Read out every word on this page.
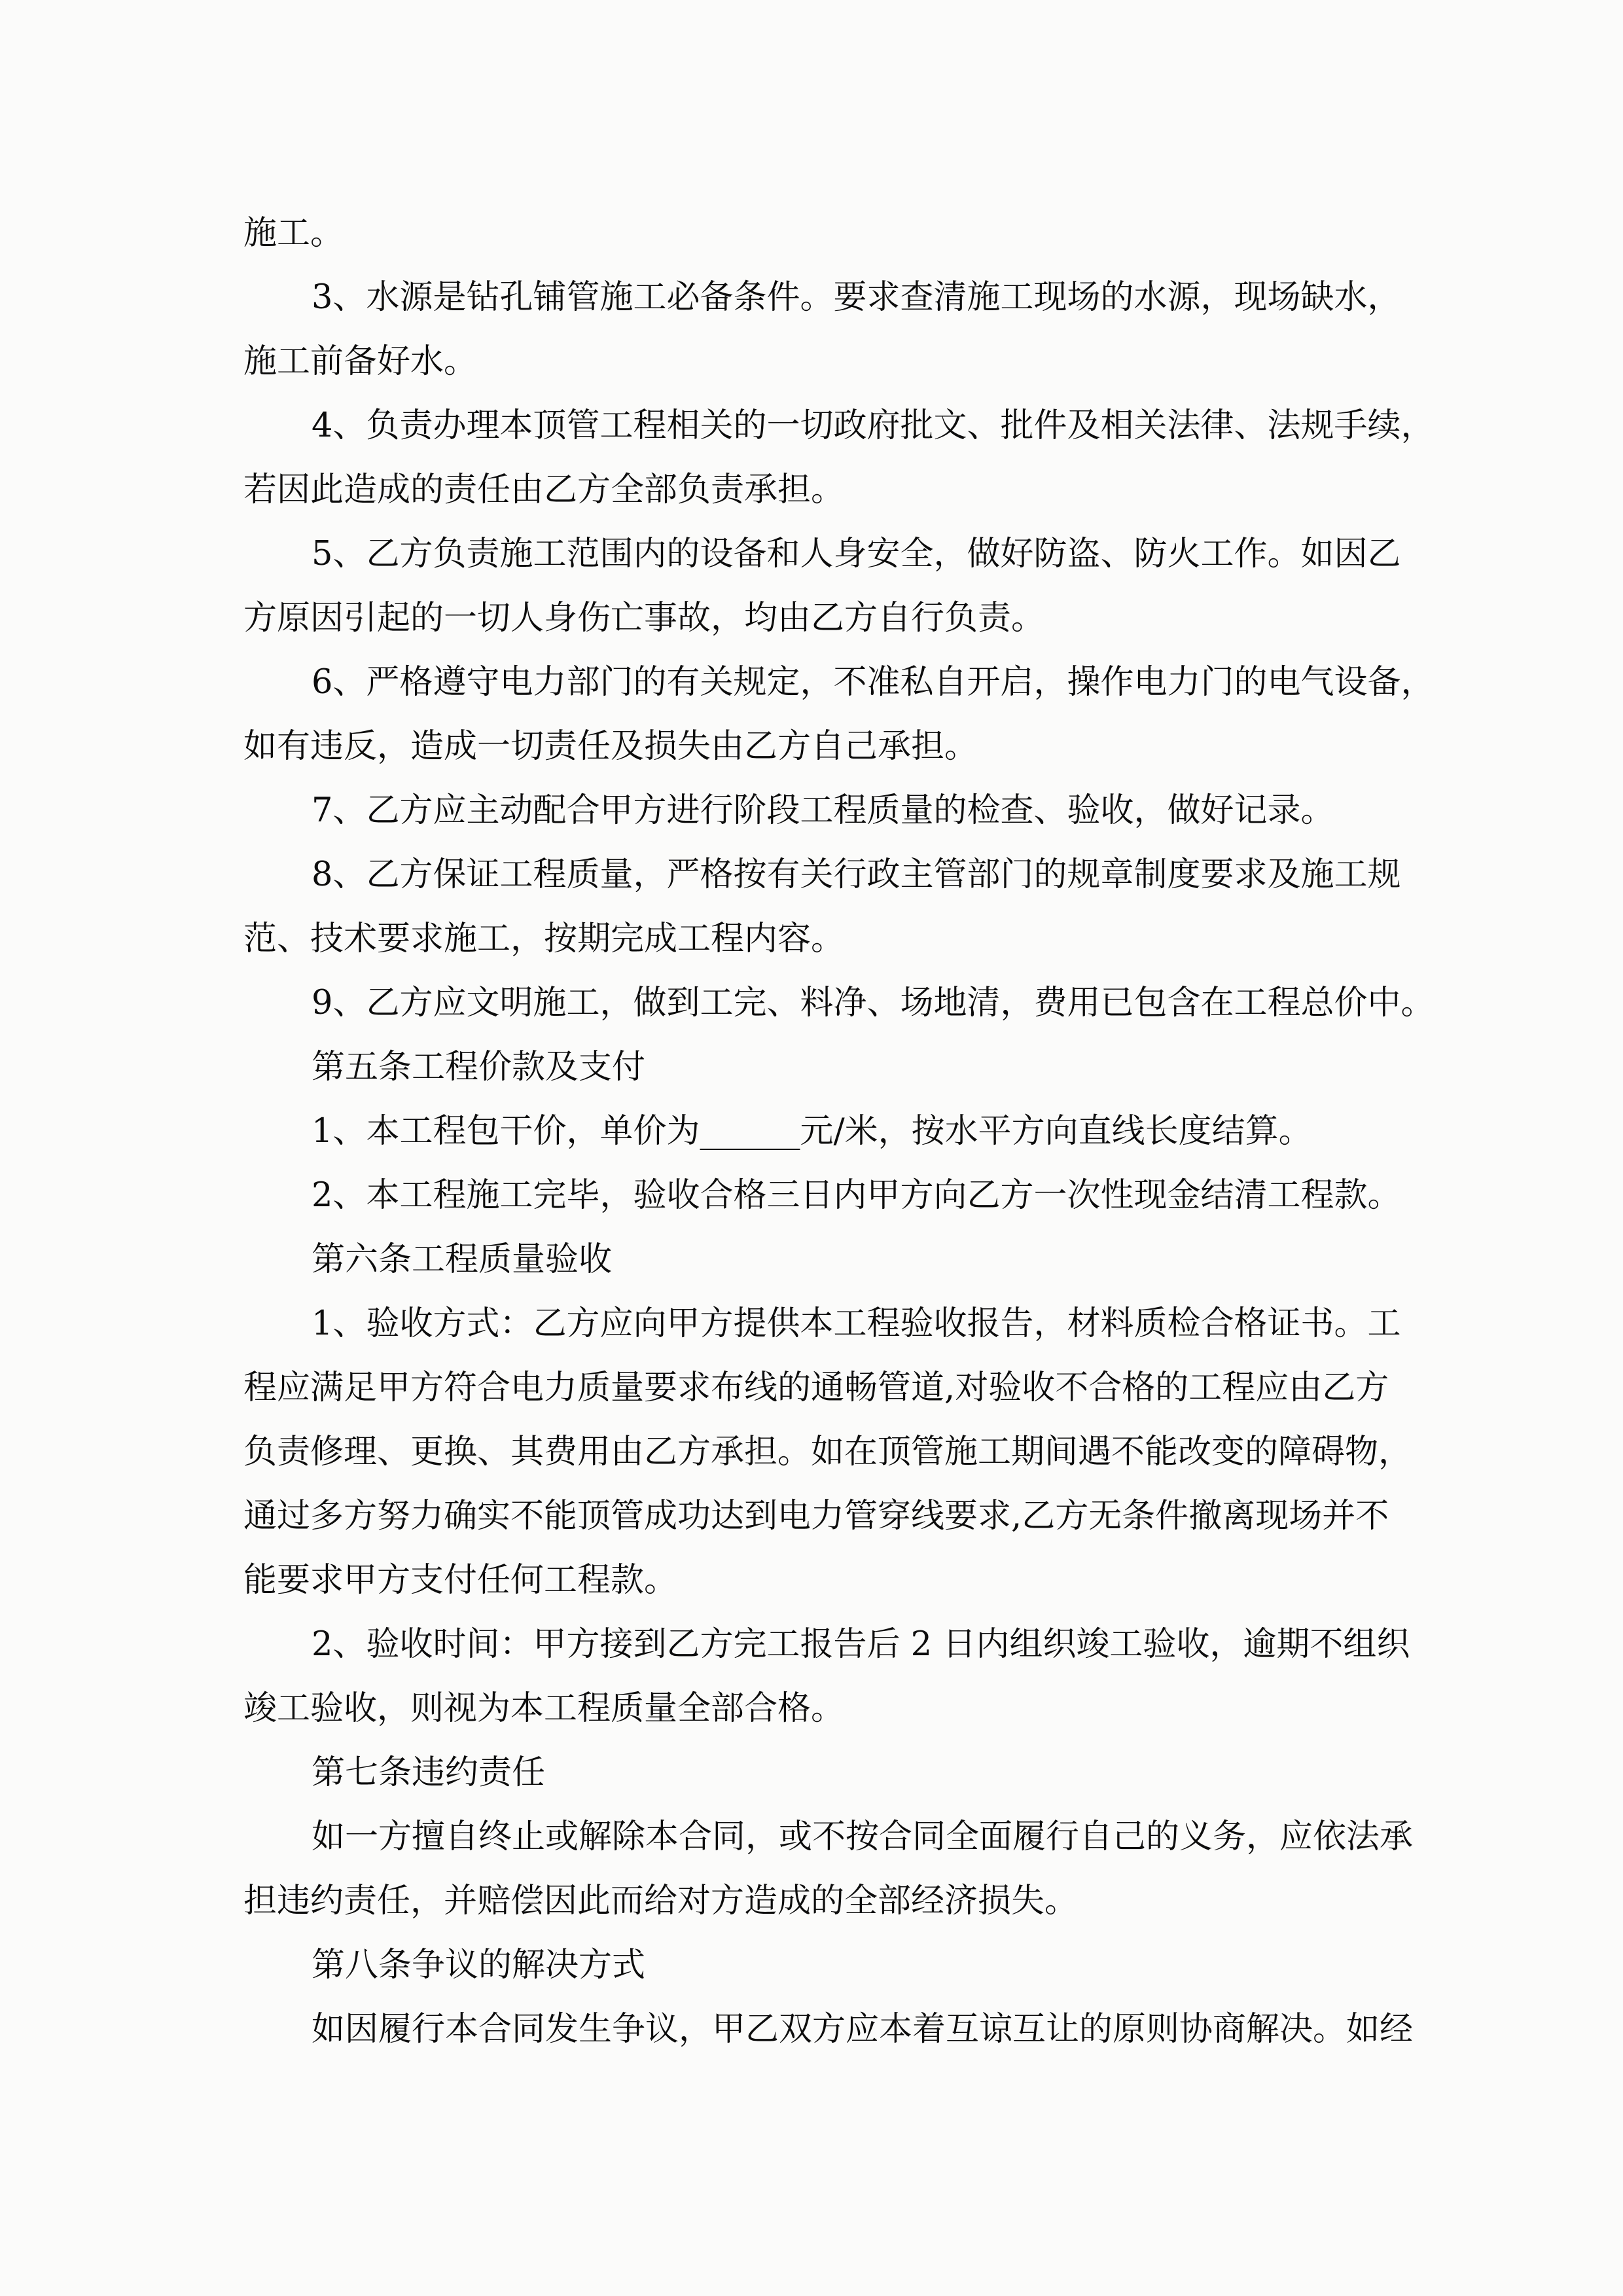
施工。
3、水源是钻孔铺管施工必备条件。要求查清施工现场的水源，现场缺水，
施工前备好水。
4、负责办理本顶管工程相关的一切政府批文、批件及相关法律、法规手续，
若因此造成的责任由乙方全部负责承担。
5、乙方负责施工范围内的设备和人身安全，做好防盗、防火工作。如因乙
方原因引起的一切人身伤亡事故，均由乙方自行负责。
6、严格遵守电力部门的有关规定，不准私自开启，操作电力门的电气设备，
如有违反，造成一切责任及损失由乙方自己承担。
7、乙方应主动配合甲方进行阶段工程质量的检查、验收，做好记录。
8、乙方保证工程质量，严格按有关行政主管部门的规章制度要求及施工规
范、技术要求施工，按期完成工程内容。
9、乙方应文明施工，做到工完、料净、场地清，费用已包含在工程总价中。
第五条工程价款及支付
1、本工程包干价，单价为______元/米，按水平方向直线长度结算。
2、本工程施工完毕，验收合格三日内甲方向乙方一次性现金结清工程款。
第六条工程质量验收
1、验收方式：乙方应向甲方提供本工程验收报告，材料质检合格证书。工
程应满足甲方符合电力质量要求布线的通畅管道,对验收不合格的工程应由乙方
负责修理、更换、其费用由乙方承担。如在顶管施工期间遇不能改变的障碍物，
通过多方努力确实不能顶管成功达到电力管穿线要求,乙方无条件撤离现场并不
能要求甲方支付任何工程款。
2、验收时间：甲方接到乙方完工报告后 2 日内组织竣工验收，逾期不组织
竣工验收，则视为本工程质量全部合格。
第七条违约责任
如一方擅自终止或解除本合同，或不按合同全面履行自己的义务，应依法承
担违约责任，并赔偿因此而给对方造成的全部经济损失。
第八条争议的解决方式
如因履行本合同发生争议，甲乙双方应本着互谅互让的原则协商解决。如经
